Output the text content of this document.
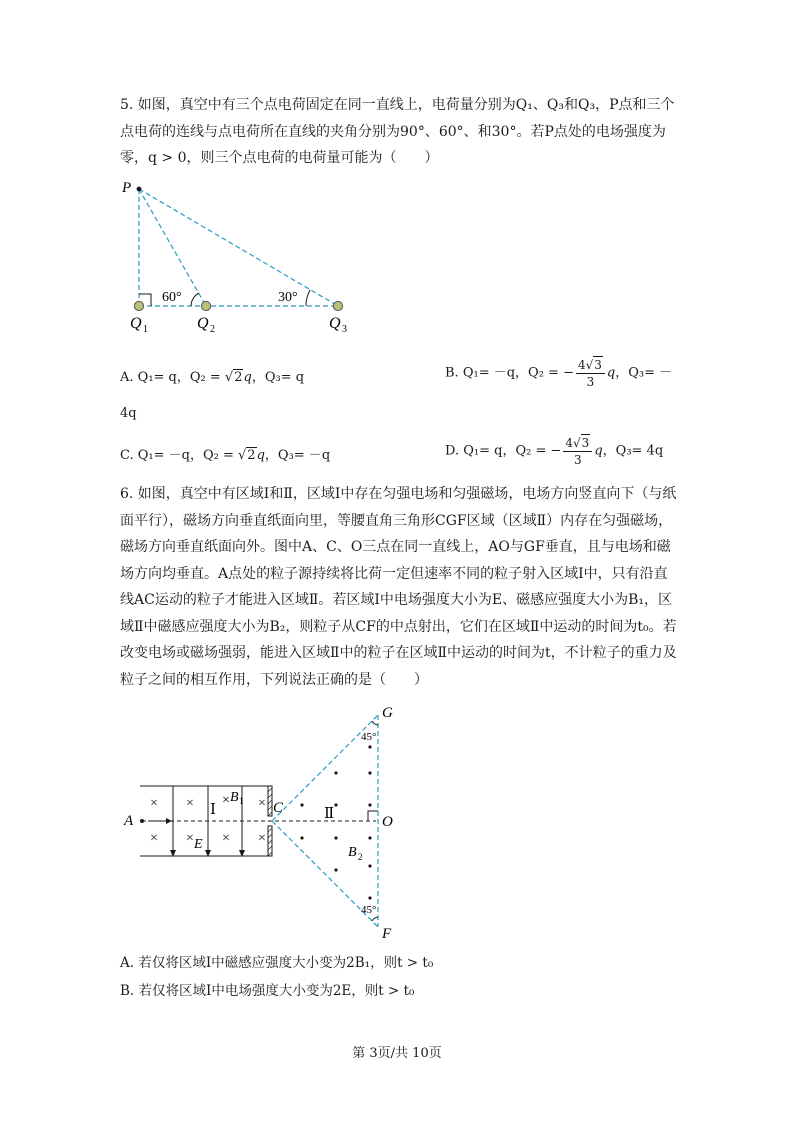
5. 如图，真空中有三个点电荷固定在同一直线上，电荷量分别为Q₁、Q₃和Q₃，P点和三个点电荷的连线与点电荷所在直线的夹角分别为90°、60°、和30°。若P点处的电场强度为零，q > 0，则三个点电荷的电荷量可能为（　　）

P
60°	30°
Q 1	Q 2	Q 3
A. Q₁= q，Q₂ = √2q，Q₃= q	B. Q₁= －q，Q₂ = − $\frac{4√3}{3}$ q，Q₃= －
4q
C. Q₁= －q，Q₂ = √2q，Q₃= －q	D. Q₁= q，Q₂ = − $\frac{4√3}{3}$ q，Q₃= 4q

6. 如图，真空中有区域Ⅰ和Ⅱ，区域Ⅰ中存在匀强电场和匀强磁场，电场方向竖直向下（与纸面平行），磁场方向垂直纸面向里，等腰直角三角形CGF区域（区域Ⅱ）内存在匀强磁场，磁场方向垂直纸面向外。图中A、C、O三点在同一直线上，AO与GF垂直，且与电场和磁场方向均垂直。A点处的粒子源持续将比荷一定但速率不同的粒子射入区域Ⅰ中，只有沿直线AC运动的粒子才能进入区域Ⅱ。若区域Ⅰ中电场强度大小为E、磁感应强度大小为B₁，区域Ⅱ中磁感应强度大小为B₂，则粒子从CF的中点射出，它们在区域Ⅱ中运动的时间为t₀。若改变电场或磁场强弱，能进入区域Ⅱ中的粒子在区域Ⅱ中运动的时间为t，不计粒子的重力及粒子之间的相互作用，下列说法正确的是（　　）

× ×	×
× × × ×
A
C
O
G
F
Ⅰ	Ⅱ
E
× B 1
B 2
45°
45°
A. 若仅将区域Ⅰ中磁感应强度大小变为2B₁，则t > t₀
B. 若仅将区域Ⅰ中电场强度大小变为2E，则t > t₀
第 3页/共 10页
